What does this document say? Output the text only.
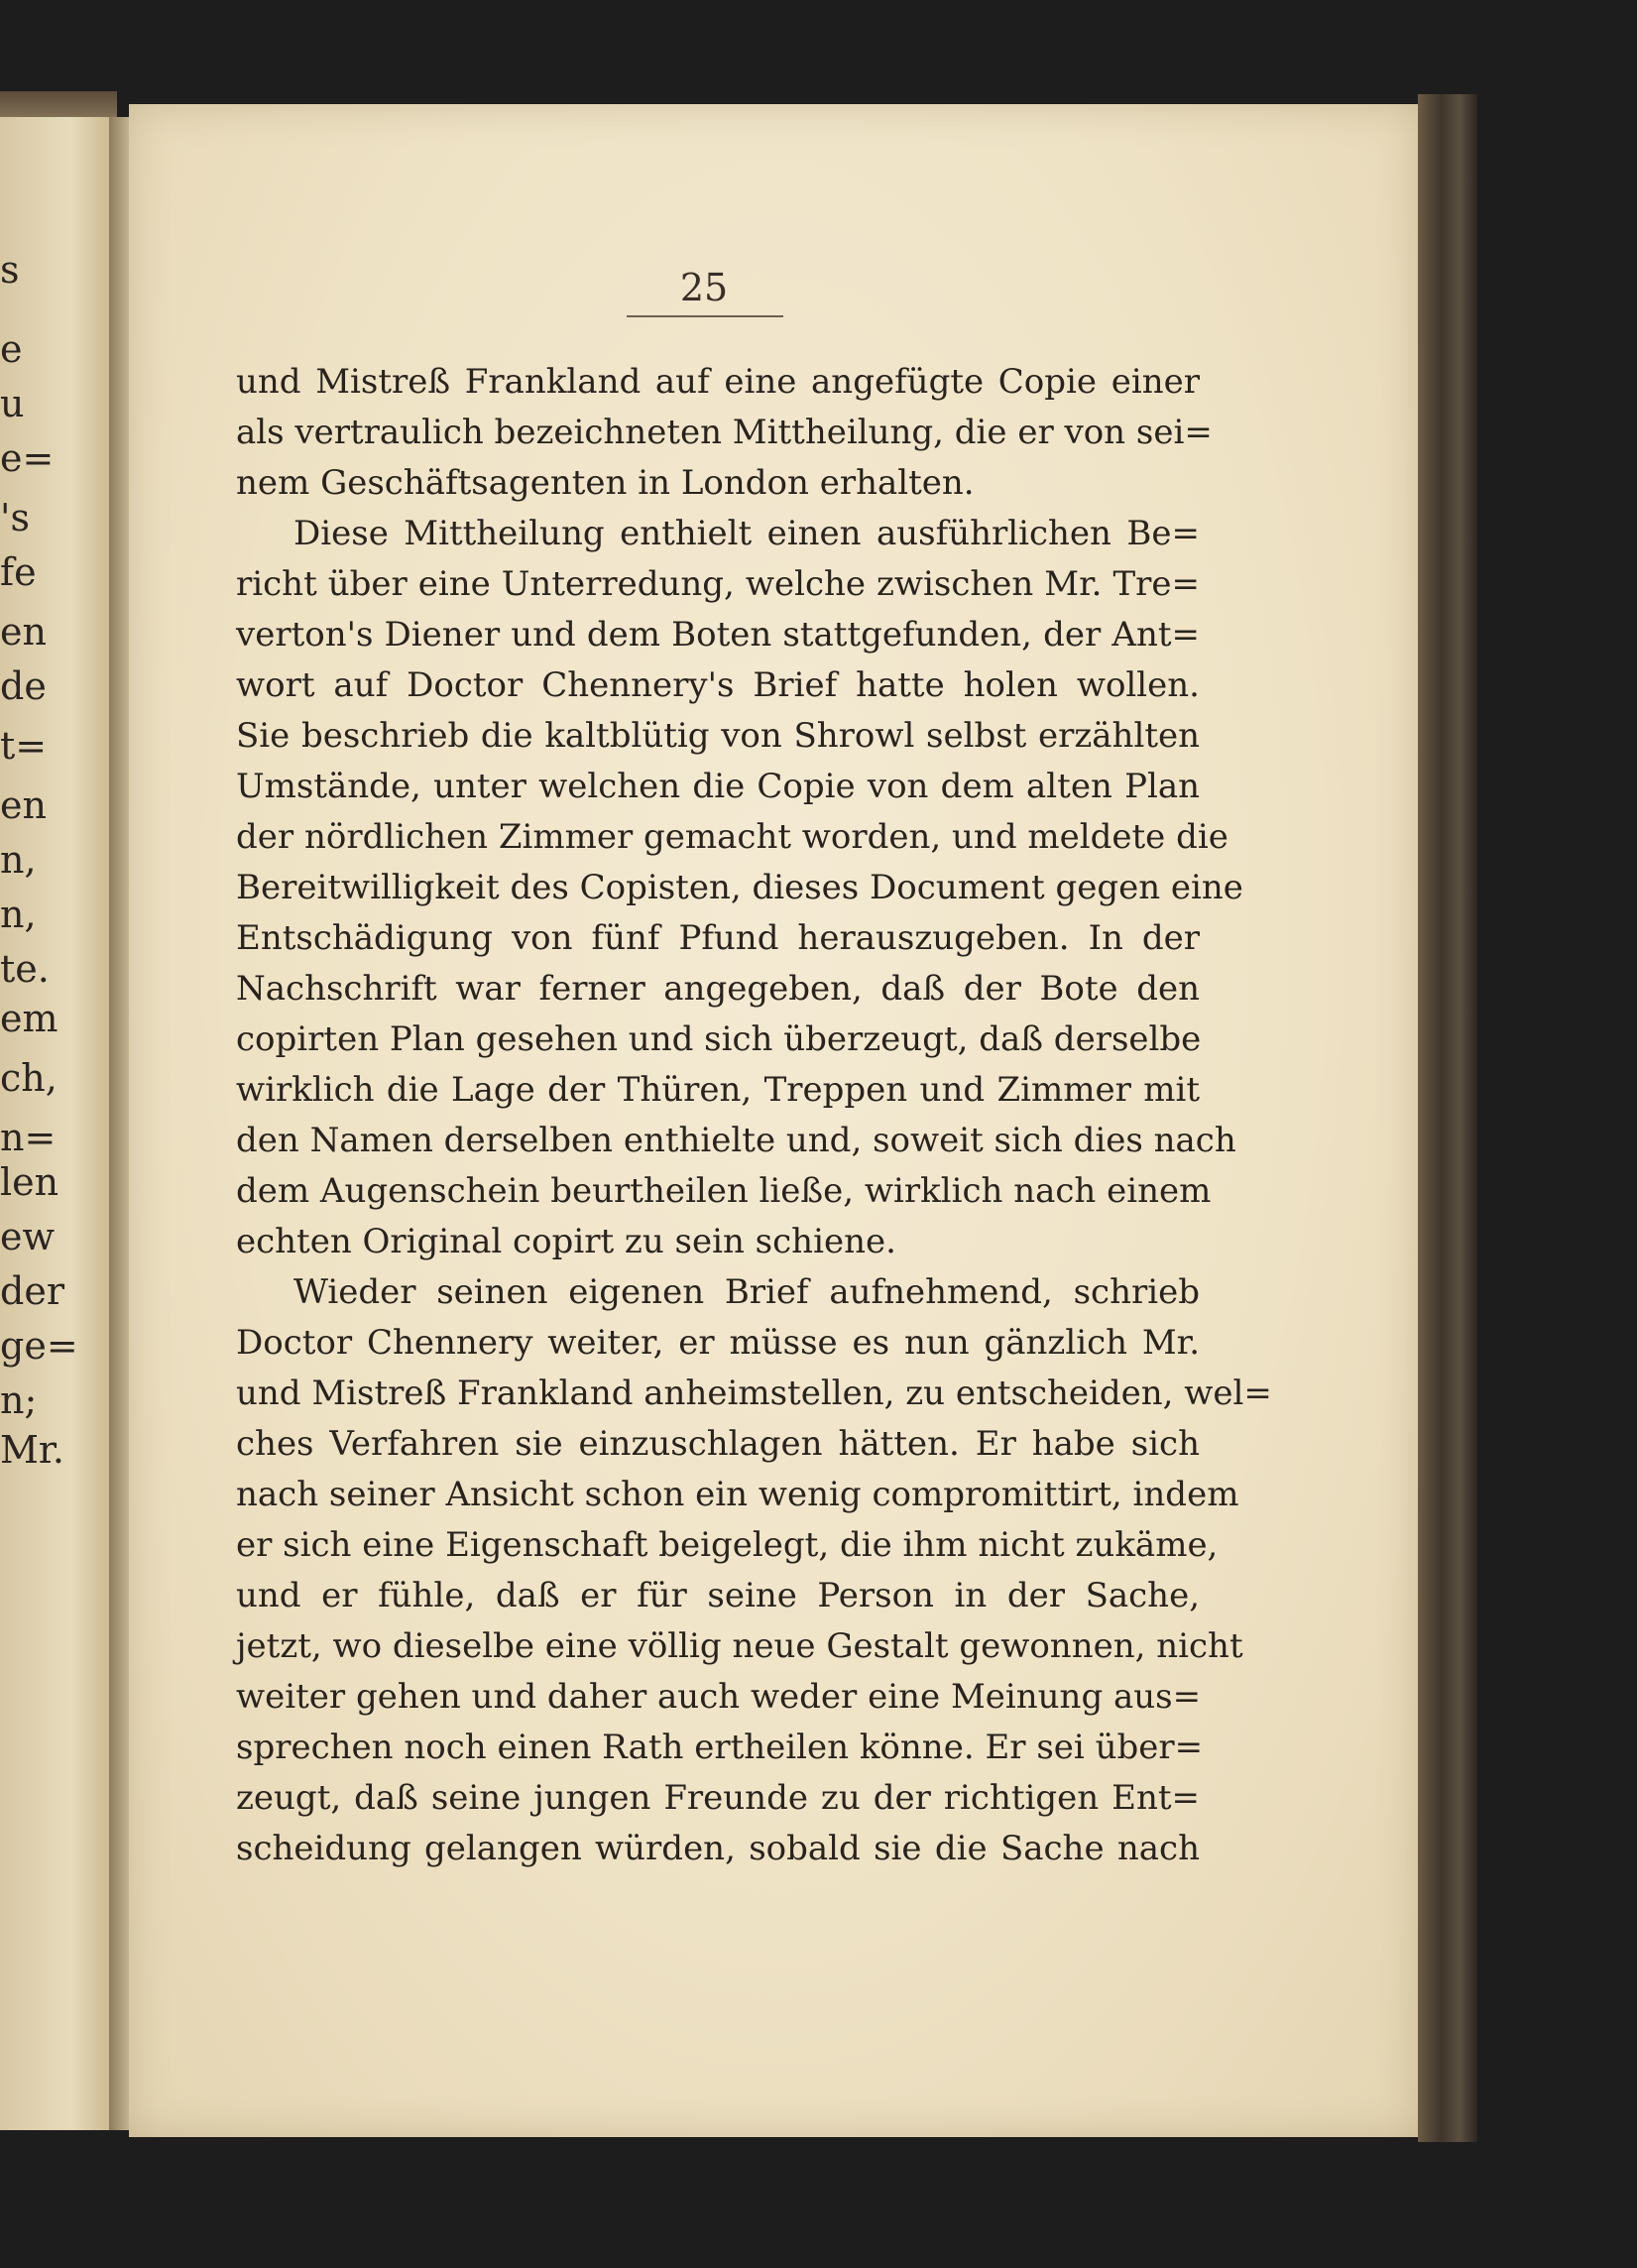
s
e
u
e=
's
fe
en
de
t=
en
n,
n,
te.
em
ch,
n=
len
ew
der
ge=
n;
Mr.
25
und Mistreß Frankland auf eine angefügte Copie einer
als vertraulich bezeichneten Mittheilung, die er von sei=
nem Geschäftsagenten in London erhalten.
Diese Mittheilung enthielt einen ausführlichen Be=
richt über eine Unterredung, welche zwischen Mr. Tre=
verton's Diener und dem Boten stattgefunden, der Ant=
wort auf Doctor Chennery's Brief hatte holen wollen.
Sie beschrieb die kaltblütig von Shrowl selbst erzählten
Umstände, unter welchen die Copie von dem alten Plan
der nördlichen Zimmer gemacht worden, und meldete die
Bereitwilligkeit des Copisten, dieses Document gegen eine
Entschädigung von fünf Pfund herauszugeben. In der
Nachschrift war ferner angegeben, daß der Bote den
copirten Plan gesehen und sich überzeugt, daß derselbe
wirklich die Lage der Thüren, Treppen und Zimmer mit
den Namen derselben enthielte und, soweit sich dies nach
dem Augenschein beurtheilen ließe, wirklich nach einem
echten Original copirt zu sein schiene.
Wieder seinen eigenen Brief aufnehmend, schrieb
Doctor Chennery weiter, er müsse es nun gänzlich Mr.
und Mistreß Frankland anheimstellen, zu entscheiden, wel=
ches Verfahren sie einzuschlagen hätten. Er habe sich
nach seiner Ansicht schon ein wenig compromittirt, indem
er sich eine Eigenschaft beigelegt, die ihm nicht zukäme,
und er fühle, daß er für seine Person in der Sache,
jetzt, wo dieselbe eine völlig neue Gestalt gewonnen, nicht
weiter gehen und daher auch weder eine Meinung aus=
sprechen noch einen Rath ertheilen könne. Er sei über=
zeugt, daß seine jungen Freunde zu der richtigen Ent=
scheidung gelangen würden, sobald sie die Sache nach
